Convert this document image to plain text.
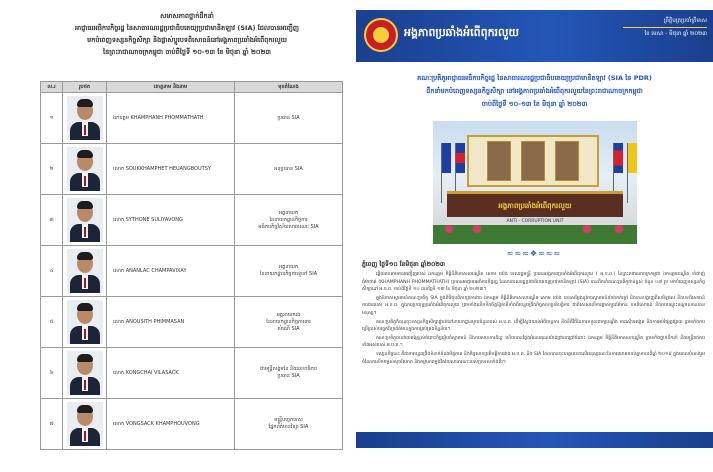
សមាសភាពថ្នាក់ដឹកនាំ
អាជ្ញាធរអធិការកិច្ចរដ្ឋ នៃសាធារណរដ្ឋប្រជាធិបតេយ្យប្រជាមានិតឡាវ (SIA) ដែលបានអញ្ជើញ
មកបំពេញទស្សនកិច្ចសិក្សា និងផ្លាស់ប្តូរបទពិសោធន៍នៅអង្គភាពប្រឆាំងអំពើពុករលួយ
នៃព្រះរាជាណាចក្រកម្ពុជា ចាប់ពីថ្ងៃទី ១០-១៣ ខែ មិថុនា ឆ្នាំ ២០២៣
ល.រ	រូបថត	គោត្តនាម និងនាម	មុខតំណែង
១		ឯកឧត្តម KHAMPHANH PHOMMATHATH	ប្រធាន SIA

២		លោក SOUKKHAMPHET HEUANGBOUTSY	អនុប្រធាន SIA

៣		លោក SYTHONE SULIYAVONG	អគ្គនាយក
នៃនាយកដ្ឋានកិច្ចការ
អធិការកិច្ចវិស័យសាធារណៈ SIA

៤		លោក ANANLAC CHAMPAVIXAY	អគ្គនាយក
នៃនាយកដ្ឋានកិច្ចការទូទៅ SIA

៥		លោក ANOUSITH PHIMMASAN	អគ្គនាយករង
នៃនាយកដ្ឋានកិច្ចការពារ
សំណើ SIA

៦		លោក KONGCHAI VILASACK	ជាមន្ត្រីសង្គមនៃ និងលេខាធិការ
ប្រធាន SIA

៧		លោក VONGSACK KHAMPHOUVONG	មន្ត្រីបច្ចេកទេស
ផ្នែកព័ត៌មានវិទ្យា SIA
អង្គភាពប្រឆាំងអំពើពុករលួយ
ព្រឹត្តិបត្រប្រចាំត្រីមាស
ខែ មេសា - មិថុនា ឆ្នាំ ២០២៣
គណៈប្រតិភូអាជ្ញាធរអធិការកិច្ចរដ្ឋ នៃសាធារណរដ្ឋប្រជាធិបតេយ្យប្រជាមានិតឡាវ (SIA នៃ PDR)
ដឹកនាំមកបំពេញទស្សនកិច្ចសិក្សា នៅអង្គភាពប្រឆាំងអំពើពុករលួយនៃព្រះរាជាណាចក្រកម្ពុជា
ចាប់ពីថ្ងៃទី ១០-១៣ ខែ មិថុនា ឆ្នាំ ២០២៣
អង្គភាពប្រឆាំងអំពើពុករលួយ
ANTI - CORRUPTION UNIT
≈≈≈❖≈≈≈
ភ្នំពេញ ថ្ងៃទី១០ ខែមិថុនា ឆ្នាំ២០២៣

ឆ្លើយតបតាមការអញ្ជើញរបស់ ឯកឧត្តម កិត្តិនីតិកោសលបណ្ឌិត សោម យ៉េង ទេសរដ្ឋមន្ត្រី ប្រធានអង្គភាពប្រឆាំងអំពើពុករលួយ ( អ.ប.ព.) នៃព្រះរាជាណាចក្រកម្ពុជា ឯកឧត្តមបណ្ឌិត ខាំផាញ់ ផុំម៉ាថាត់ (KHAMPHANH PHOMMATHATH) ប្រធានអាជ្ញាធរអធិការកិច្ចរដ្ឋ នៃសាធារណរដ្ឋប្រជាធិបតេយ្យប្រជាមានិតឡាវ (SIA) បានដឹកនាំគណៈប្រតិភូជាន់ខ្ពស់ ចំនួន ០៧ រូប មកបំពេញទស្សនកិច្ចសិក្សានៅ អ.ប.ព. ចាប់ពីថ្ងៃទី ១០ ដល់ថ្ងៃទី ១៣ ខែ មិថុនា ឆ្នាំ ២០២៣។

ក្នុងឱកាសស្វាគមន៍គណៈប្រតិភូ SIA ក្នុងពិធីជួបពិភាក្សាការងារ ឯកឧត្តម កិត្តិនីតិកោសលបណ្ឌិត សោម យ៉េង បានសម្តែងនូវការស្វាគមន៍យ៉ាងកក់ក្តៅ និងបានបង្ហាញពីសមិទ្ធផល និងបទពិសោធន៍ការងាររបស់ អ.ប.ព. ក្នុងការប្រយុទ្ធប្រឆាំងអំពើពុករលួយ ព្រមទាំងលើកទឹកចិត្តឱ្យភាគីទាំងពីរបន្តពង្រឹងកិច្ចសហប្រតិបត្តិការ ជាពិសេសលើការផ្លាស់ប្តូរព័ត៌មាន បទពិសោធន៍ និងការបណ្តុះបណ្តាលធនធានមនុស្ស។

គណៈប្រតិភូក៏បានចុះទស្សនកិច្ចសិក្សាផ្ទាល់នៅនាយកដ្ឋានមួយចំនួនរបស់ អ.ប.ព. ដើម្បីស្វែងយល់អំពីយន្តការ និងនីតិវិធីនៃការទទួលពាក្យបណ្តឹង ការស៊ើបអង្កេត និងការអប់រំផ្សព្វផ្សាយ ព្រមទាំងការប្រើប្រាស់បច្ចេកវិទ្យាព័ត៌មានក្នុងការគ្រប់គ្រងទិន្នន័យ។

គណៈប្រតិភូបានវាយតម្លៃខ្ពស់ចំពោះកិច្ចរៀបចំស្វាគមន៍ និងការសហការដ៏ល្អ ហើយបានថ្លែងអំណរគុណយ៉ាងជ្រាលជ្រៅចំពោះ ឯកឧត្តម កិត្តិនីតិកោសលបណ្ឌិត ព្រមទាំងថ្នាក់ដឹកនាំ និងមន្ត្រីរាជការទាំងអស់របស់ អ.ប.ព.។

ទស្សនកិច្ចនេះ គឺជាការបន្តពង្រឹងទំនាក់ទំនងមិត្តភាព និងកិច្ចសហប្រតិបត្តិការរវាង អ.ប.ព. និង SIA ដែលបានចុះហត្ថលេខាលើអនុស្សរណៈនៃការយោគយល់គ្នាកាលពីឆ្នាំ ២០១៩ ក្នុងគោលបំណងរួមចំណែកលើកកម្ពស់សុចរិតភាព និងតម្លាភាពក្នុងវិស័យសាធារណៈរបស់ប្រទេសទាំងពីរ។
